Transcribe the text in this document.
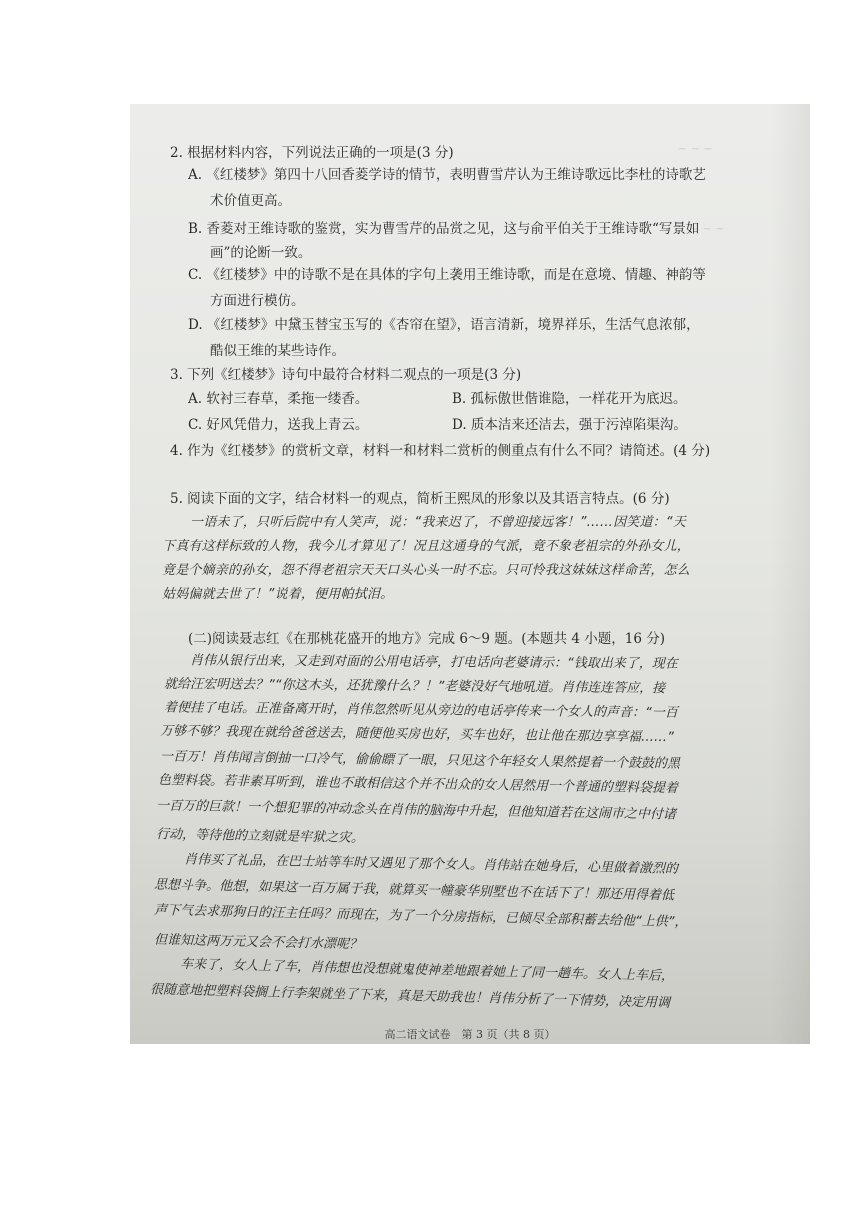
~ ~ ~
~ ~ ~
2. 根据材料内容，下列说法正确的一项是(3 分)
A. 《红楼梦》第四十八回香菱学诗的情节，表明曹雪芹认为王维诗歌远比李杜的诗歌艺
术价值更高。
B. 香菱对王维诗歌的鉴赏，实为曹雪芹的品赏之见，这与俞平伯关于王维诗歌“写景如
画”的论断一致。
C. 《红楼梦》中的诗歌不是在具体的字句上袭用王维诗歌，而是在意境、情趣、神韵等
方面进行模仿。
D. 《红楼梦》中黛玉替宝玉写的《杏帘在望》，语言清新，境界祥乐，生活气息浓郁，
酷似王维的某些诗作。
3. 下列《红楼梦》诗句中最符合材料二观点的一项是(3 分)
A. 软衬三春草，柔拖一缕香。	B. 孤标傲世偕谁隐，一样花开为底迟。
C. 好风凭借力，送我上青云。	D. 质本洁来还洁去，强于污淖陷渠沟。
4. 作为《红楼梦》的赏析文章，材料一和材料二赏析的侧重点有什么不同？请简述。(4 分)
5. 阅读下面的文字，结合材料一的观点，简析王熙凤的形象以及其语言特点。(6 分)
一语未了，只听后院中有人笑声，说：“我来迟了，不曾迎接远客！”……因笑道：“天
下真有这样标致的人物，我今儿才算见了！况且这通身的气派，竟不象老祖宗的外孙女儿，
竟是个嫡亲的孙女，怨不得老祖宗天天口头心头一时不忘。只可怜我这妹妹这样命苦，怎么
姑妈偏就去世了！”说着，便用帕拭泪。
(二)阅读聂志红《在那桃花盛开的地方》完成 6～9 题。(本题共 4 小题，16 分)
肖伟从银行出来，又走到对面的公用电话亭，打电话向老婆请示：“钱取出来了，现在
就给汪宏明送去？”“你这木头，还犹豫什么？！”老婆没好气地吼道。肖伟连连答应，接
着便挂了电话。正准备离开时，肖伟忽然听见从旁边的电话亭传来一个女人的声音：“一百
万够不够？我现在就给爸爸送去，随便他买房也好，买车也好，也让他在那边享享福……”
一百万！肖伟闻言倒抽一口冷气，偷偷瞟了一眼，只见这个年轻女人果然提着一个鼓鼓的黑
色塑料袋。若非素耳听到，谁也不敢相信这个并不出众的女人居然用一个普通的塑料袋提着
一百万的巨款！一个想犯罪的冲动念头在肖伟的脑海中升起，但他知道若在这闹市之中付诸
行动，等待他的立刻就是牢狱之灾。
肖伟买了礼品，在巴士站等车时又遇见了那个女人。肖伟站在她身后，心里做着激烈的
思想斗争。他想，如果这一百万属于我，就算买一幢豪华别墅也不在话下了！那还用得着低
声下气去求那狗日的汪主任吗？而现在，为了一个分房指标，已倾尽全部积蓄去给他“上供”，
但谁知这两万元又会不会打水漂呢？
车来了，女人上了车，肖伟想也没想就鬼使神差地跟着她上了同一趟车。女人上车后，
很随意地把塑料袋搁上行李架就坐了下来，真是天助我也！肖伟分析了一下情势，决定用调
高二语文试卷　第 3 页（共 8 页）
